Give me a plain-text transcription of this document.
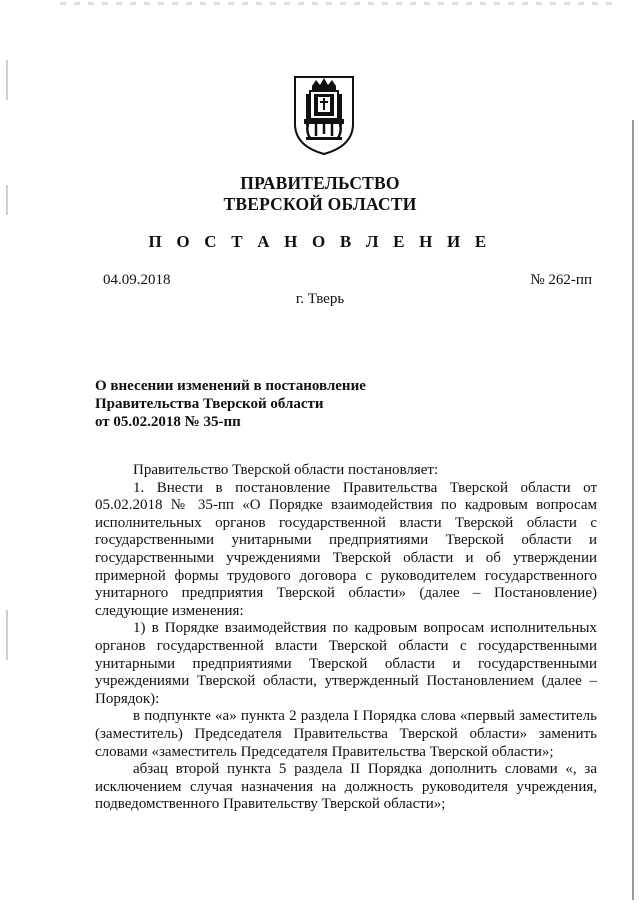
ПРАВИТЕЛЬСТВО
ТВЕРСКОЙ ОБЛАСТИ
П О С Т А Н О В Л Е Н И Е
04.09.2018	№ 262-пп
г. Тверь
О внесении изменений в постановление
Правительства Тверской области
от 05.02.2018 № 35-пп

Правительство Тверской области постановляет:

1. Внести в постановление Правительства Тверской области от 05.02.2018 № 35-пп «О Порядке взаимодействия по кадровым вопросам исполнительных органов государственной власти Тверской области с государственными унитарными предприятиями Тверской области и государственными учреждениями Тверской области и об утверждении примерной формы трудового договора с руководителем государственного унитарного предприятия Тверской области» (далее – Постановление) следующие изменения:

1) в Порядке взаимодействия по кадровым вопросам исполнительных органов государственной власти Тверской области с государственными унитарными предприятиями Тверской области и государственными учреждениями Тверской области, утвержденный Постановлением (далее – Порядок):

в подпункте «а» пункта 2 раздела I Порядка слова «первый заместитель (заместитель) Председателя Правительства Тверской области» заменить словами «заместитель Председателя Правительства Тверской области»;

абзац второй пункта 5 раздела II Порядка дополнить словами «, за исключением случая назначения на должность руководителя учреждения, подведомственного Правительству Тверской области»;
